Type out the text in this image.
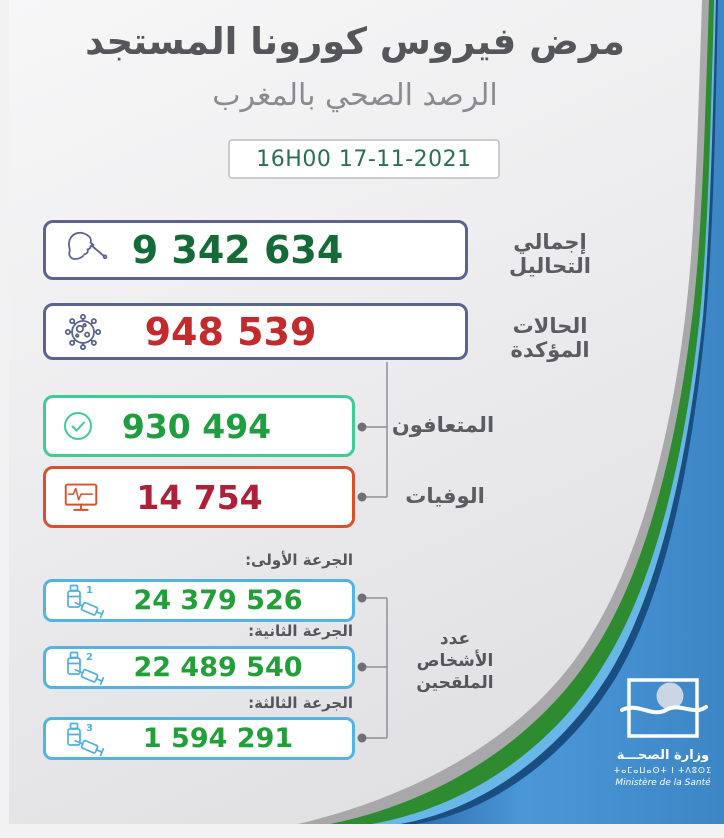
مرض فيروس كورونا المستجد
الرصد الصحي بالمغرب
16H00 17-11-2021
9 342 634	إجمالي التحاليل
948 539	الحالات المؤكدة
930 494	المتعافون
14 754	الوفيات
الجرعة الأولى:
1	24 379 526
الجرعة الثانية:
2	22 489 540
الجرعة الثالثة:
3	1 594 291
عدد
الأشخاص
الملقحين
وزارة الصحـــة
ⵜⴰⵎⴰⵡⴰⵙⵜ ⵏ ⵜⴷⵓⵙⵉ
Ministère de la Santé
